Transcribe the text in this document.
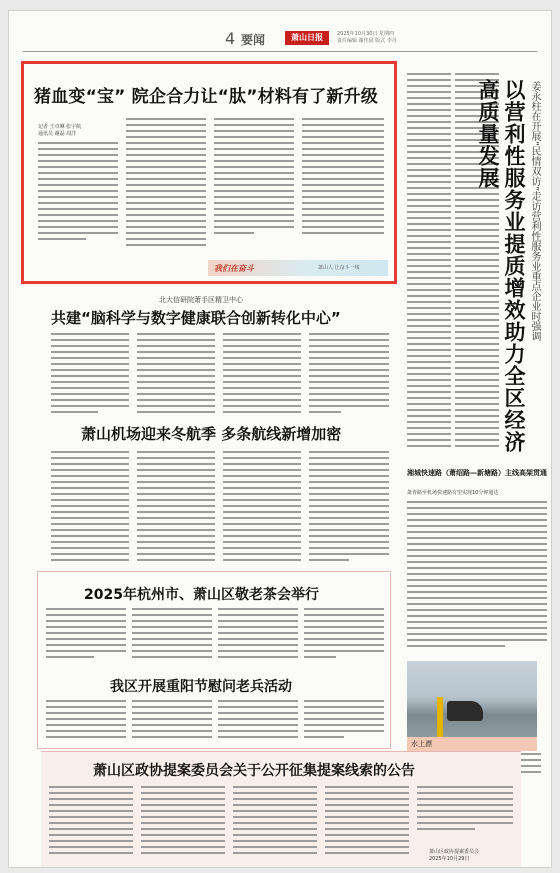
4 要闻	萧山日报	2025年10月30日 星期四
责任编辑 谢佳晨 版式 李丹
猪血变“宝” 院企合力让“肽”材料有了新升级
记者 王卓琳 张宇航
通讯员 谢磊 周洋
我们在奋斗	萧山人 让奋斗一线	以营利性服务业提质增效助力全区经济高质量发展	姜永柱在开展“民情双访”走访营利性服务业重点企业时强调
北大信研院萧手区精卫中心
共建“脑科学与数字健康联合创新转化中心”
萧山机场迎来冬航季 多条航线新增加密
湘城快速路（萧绍路—新塘路）主线高架贯通
萧青路至机场快速路有望实现10分钟通达
2025年杭州市、萧山区敬老茶会举行
我区开展重阳节慰问老兵活动
水上漂
萧山区政协提案委员会关于公开征集提案线索的公告
萧山区政协提案委员会
2025年10月29日
